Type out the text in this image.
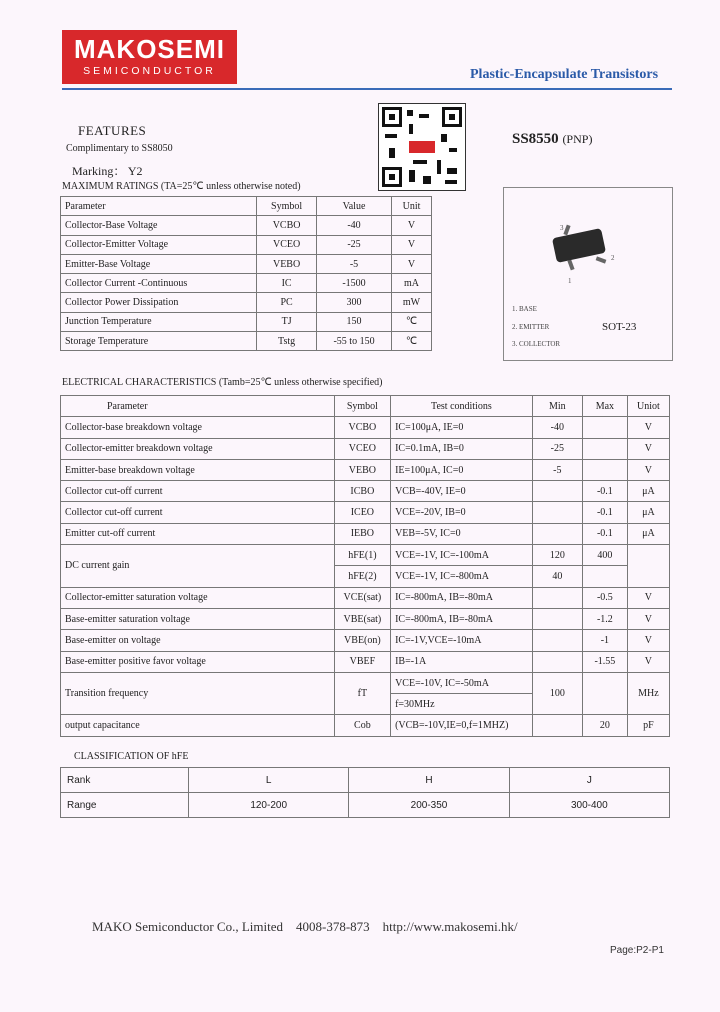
MAKOSEMI
SEMICONDUCTOR	Plastic-Encapsulate Transistors
SS8550 (PNP)
FEATURES
Complimentary to SS8050
Marking： Y2
MAXIMUM RATINGS (TA=25℃ unless otherwise noted)
Parameter	Symbol	Value	Unit
Collector-Base Voltage	VCBO	-40	V
Collector-Emitter Voltage	VCEO	-25	V
Emitter-Base Voltage	VEBO	-5	V
Collector Current -Continuous	IC	-1500	mA
Collector Power Dissipation	PC	300	mW
Junction Temperature	TJ	150	℃
Storage Temperature	Tstg	-55 to 150	℃
3
2
1
1. BASE
2. EMITTER
3. COLLECTOR
SOT-23
ELECTRICAL CHARACTERISTICS (Tamb=25℃ unless otherwise specified)
Parameter	Symbol	Test conditions	Min	Max	Uniot
Collector-base breakdown voltage	VCBO	IC=100μA, IE=0	-40		V
Collector-emitter breakdown voltage	VCEO	IC=0.1mA, IB=0	-25		V
Emitter-base breakdown voltage	VEBO	IE=100μA, IC=0	-5		V
Collector cut-off current	ICBO	VCB=-40V, IE=0		-0.1	μA
Collector cut-off current	ICEO	VCE=-20V, IB=0		-0.1	μA
Emitter cut-off current	IEBO	VEB=-5V, IC=0		-0.1	μA
DC current gain	hFE(1)	VCE=-1V, IC=-100mA	120	400	
	hFE(2)	VCE=-1V, IC=-800mA	40		
Collector-emitter saturation voltage	VCE(sat)	IC=-800mA, IB=-80mA		-0.5	V
Base-emitter saturation voltage	VBE(sat)	IC=-800mA, IB=-80mA		-1.2	V
Base-emitter on voltage	VBE(on)	IC=-1V,VCE=-10mA		-1	V
Base-emitter positive favor voltage	VBEF	IB=-1A		-1.55	V
Transition frequency	fT	VCE=-10V, IC=-50mA	100		MHz
		f=30MHz			
output capacitance	Cob	(VCB=-10V,IE=0,f=1MHZ)		20	pF
CLASSIFICATION OF hFE
Rank	L	H	J
Range	120-200	200-350	300-400
MAKO Semiconductor Co., Limited    4008-378-873    http://www.makosemi.hk/
Page:P2-P1
